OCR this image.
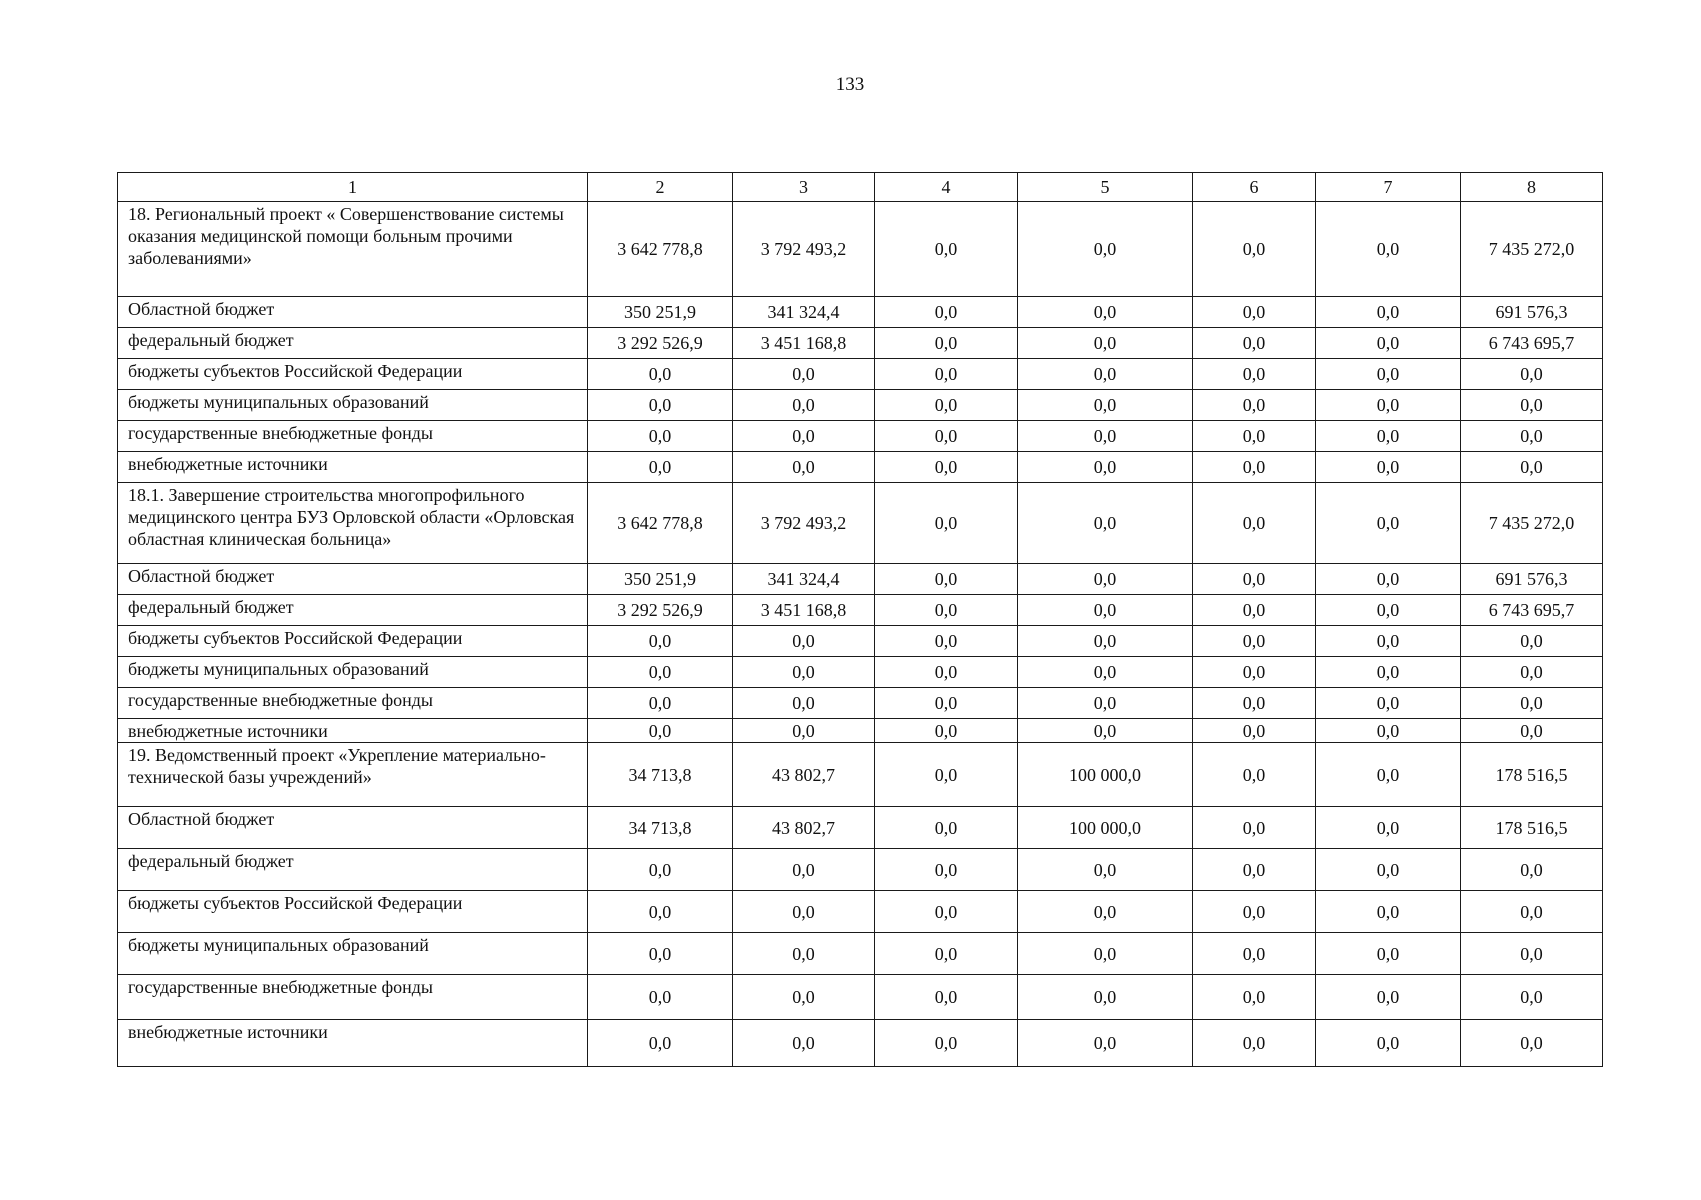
133
1	2	3	4	5	6	7	8
18. Региональный проект « Совершенствование системы оказания медицинской помощи больным прочими заболеваниями»	3 642 778,8	3 792 493,2	0,0	0,0	0,0	0,0	7 435 272,0
Областной бюджет	350 251,9	341 324,4	0,0	0,0	0,0	0,0	691 576,3
федеральный бюджет	3 292 526,9	3 451 168,8	0,0	0,0	0,0	0,0	6 743 695,7
бюджеты субъектов Российской Федерации	0,0	0,0	0,0	0,0	0,0	0,0	0,0
бюджеты муниципальных образований	0,0	0,0	0,0	0,0	0,0	0,0	0,0
государственные внебюджетные фонды	0,0	0,0	0,0	0,0	0,0	0,0	0,0
внебюджетные источники	0,0	0,0	0,0	0,0	0,0	0,0	0,0
18.1. Завершение строительства многопрофильного медицинского центра БУЗ Орловской области «Орловская областная клиническая больница»	3 642 778,8	3 792 493,2	0,0	0,0	0,0	0,0	7 435 272,0
Областной бюджет	350 251,9	341 324,4	0,0	0,0	0,0	0,0	691 576,3
федеральный бюджет	3 292 526,9	3 451 168,8	0,0	0,0	0,0	0,0	6 743 695,7
бюджеты субъектов Российской Федерации	0,0	0,0	0,0	0,0	0,0	0,0	0,0
бюджеты муниципальных образований	0,0	0,0	0,0	0,0	0,0	0,0	0,0
государственные внебюджетные фонды	0,0	0,0	0,0	0,0	0,0	0,0	0,0
внебюджетные источники	0,0	0,0	0,0	0,0	0,0	0,0	0,0
19. Ведомственный проект «Укрепление материально-технической базы учреждений»	34 713,8	43 802,7	0,0	100 000,0	0,0	0,0	178 516,5
Областной бюджет	34 713,8	43 802,7	0,0	100 000,0	0,0	0,0	178 516,5
федеральный бюджет	0,0	0,0	0,0	0,0	0,0	0,0	0,0
бюджеты субъектов Российской Федерации	0,0	0,0	0,0	0,0	0,0	0,0	0,0
бюджеты муниципальных образований	0,0	0,0	0,0	0,0	0,0	0,0	0,0
государственные внебюджетные фонды	0,0	0,0	0,0	0,0	0,0	0,0	0,0
внебюджетные источники	0,0	0,0	0,0	0,0	0,0	0,0	0,0
